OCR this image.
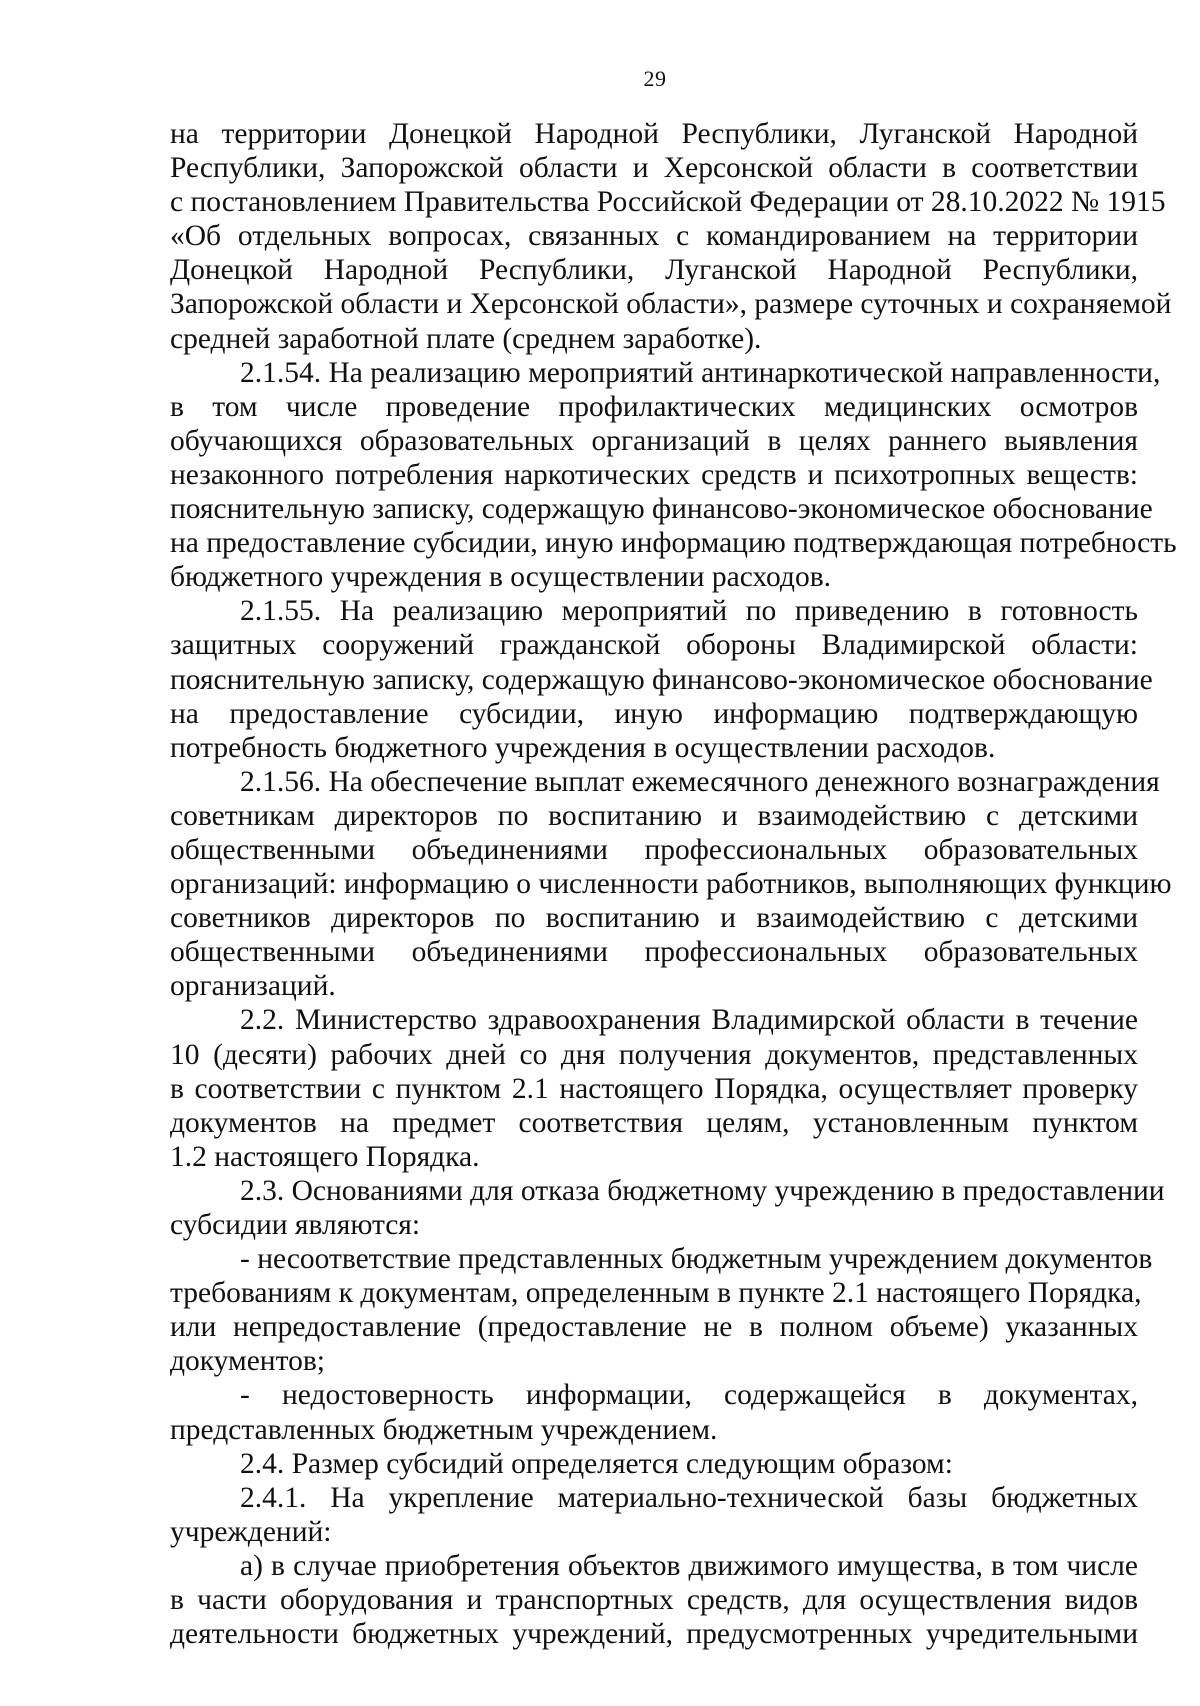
29
на территории Донецкой Народной Республики, Луганской Народной
Республики, Запорожской области и Херсонской области в соответствии
с постановлением Правительства Российской Федерации от 28.10.2022 № 1915
«Об отдельных вопросах, связанных с командированием на территории
Донецкой Народной Республики, Луганской Народной Республики,
Запорожской области и Херсонской области», размере суточных и сохраняемой
средней заработной плате (среднем заработке).
2.1.54. На реализацию мероприятий антинаркотической направленности,
в том числе проведение профилактических медицинских осмотров
обучающихся образовательных организаций в целях раннего выявления
незаконного потребления наркотических средств и психотропных веществ:
пояснительную записку, содержащую финансово-экономическое обоснование
на предоставление субсидии, иную информацию подтверждающая потребность
бюджетного учреждения в осуществлении расходов.
2.1.55. На реализацию мероприятий по приведению в готовность
защитных сооружений гражданской обороны Владимирской области:
пояснительную записку, содержащую финансово-экономическое обоснование
на предоставление субсидии, иную информацию подтверждающую
потребность бюджетного учреждения в осуществлении расходов.
2.1.56. На обеспечение выплат ежемесячного денежного вознаграждения
советникам директоров по воспитанию и взаимодействию с детскими
общественными объединениями профессиональных образовательных
организаций: информацию о численности работников, выполняющих функцию
советников директоров по воспитанию и взаимодействию с детскими
общественными объединениями профессиональных образовательных
организаций.
2.2. Министерство здравоохранения Владимирской области в течение
10 (десяти) рабочих дней со дня получения документов, представленных
в соответствии с пунктом 2.1 настоящего Порядка, осуществляет проверку
документов на предмет соответствия целям, установленным пунктом
1.2 настоящего Порядка.
2.3. Основаниями для отказа бюджетному учреждению в предоставлении
субсидии являются:
- несоответствие представленных бюджетным учреждением документов
требованиям к документам, определенным в пункте 2.1 настоящего Порядка,
или непредоставление (предоставление не в полном объеме) указанных
документов;
- недостоверность информации, содержащейся в документах,
представленных бюджетным учреждением.
2.4. Размер субсидий определяется следующим образом:
2.4.1. На укрепление материально-технической базы бюджетных
учреждений:
а) в случае приобретения объектов движимого имущества, в том числе
в части оборудования и транспортных средств, для осуществления видов
деятельности бюджетных учреждений, предусмотренных учредительными
